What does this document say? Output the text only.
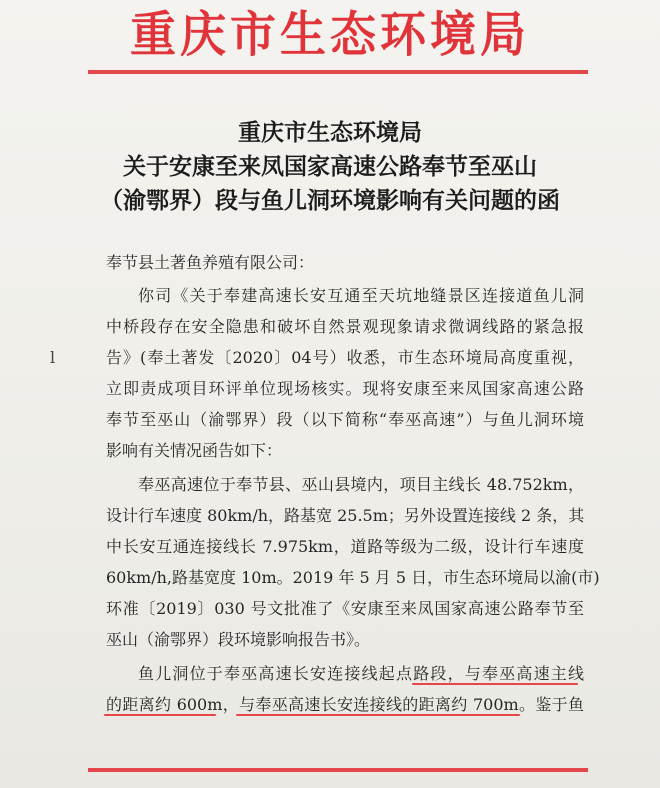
重庆市生态环境局
重庆市生态环境局
关于安康至来凤国家高速公路奉节至巫山
（渝鄂界）段与鱼儿洞环境影响有关问题的函
奉节县土著鱼养殖有限公司：
你司《关于奉建高速长安互通至天坑地缝景区连接道鱼儿洞
中桥段存在安全隐患和破坏自然景观现象请求微调线路的紧急报
告》(奉土著发〔2020〕04号）收悉，市生态环境局高度重视，
立即责成项目环评单位现场核实。现将安康至来凤国家高速公路
奉节至巫山（渝鄂界）段（以下简称“奉巫高速”）与鱼儿洞环境
影响有关情况函告如下：
奉巫高速位于奉节县、巫山县境内，项目主线长 48.752km，
设计行车速度 80km/h，路基宽 25.5m；另外设置连接线 2 条，其
中长安互通连接线长 7.975km，道路等级为二级，设计行车速度
60km/h,路基宽度 10m。2019 年 5 月 5 日，市生态环境局以渝(市)
环准〔2019〕030 号文批准了《安康至来凤国家高速公路奉节至
巫山（渝鄂界）段环境影响报告书》。
鱼儿洞位于奉巫高速长安连接线起点路段，与奉巫高速主线
的距离约 600m，与奉巫高速长安连接线的距离约 700m。鉴于鱼
l
